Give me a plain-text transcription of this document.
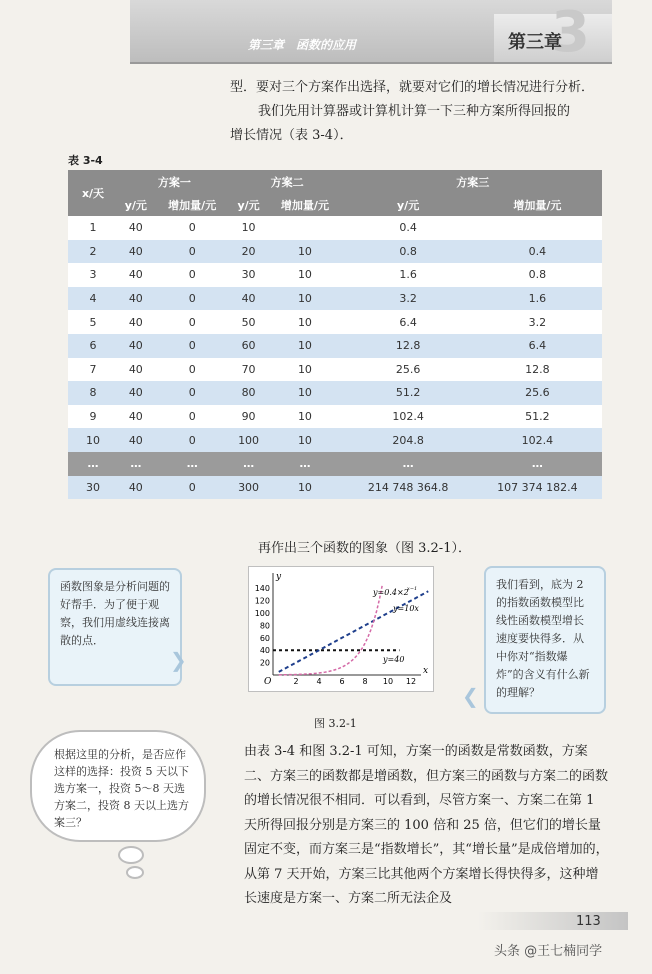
第三章　函数的应用	3
第三章
型．要对三个方案作出选择，就要对它们的增长情况进行分析．
我们先用计算器或计算机计算一下三种方案所得回报的
增长情况（表 3-4）．
表 3-4
x/天	方案一		方案二		方案三	
	y/元	增加量/元	y/元	增加量/元	y/元	增加量/元
1	40	0	10		0.4	
2	40	0	20	10	0.8	0.4
3	40	0	30	10	1.6	0.8
4	40	0	40	10	3.2	1.6
5	40	0	50	10	6.4	3.2
6	40	0	60	10	12.8	6.4
7	40	0	70	10	25.6	12.8
8	40	0	80	10	51.2	25.6
9	40	0	90	10	102.4	51.2
10	40	0	100	10	204.8	102.4
…	…	…	…	…	…	…
30	40	0	300	10	214 748 364.8	107 374 182.4
再作出三个函数的图象（图 3.2-1）．
函数图象是分析问题的好帮手．为了便于观察，我们用虚线连接离散的点．
❯	x
y
O
140
120
100
80
60
40
20
2 4 6 8 10 12
y=0.4×2
x−1
y=10x
y=40
图 3.2-1
❮
我们看到，底为 2 的指数函数模型比线性函数模型增长速度要快得多．从中你对“指数爆炸”的含义有什么新的理解？
根据这里的分析，是否应作这样的选择：投资 5 天以下选方案一，投资 5～8 天选方案二，投资 8 天以上选方案三？
由表 3-4 和图 3.2-1 可知，方案一的函数是常数函数，方案二、方案三的函数都是增函数，但方案三的函数与方案二的函数的增长情况很不相同．可以看到，尽管方案一、方案二在第 1 天所得回报分别是方案三的 100 倍和 25 倍，但它们的增长量固定不变，而方案三是“指数增长”，其“增长量”是成倍增加的，从第 7 天开始，方案三比其他两个方案增长得快得多，这种增长速度是方案一、方案二所无法企及
113
头条 @王七楠同学
